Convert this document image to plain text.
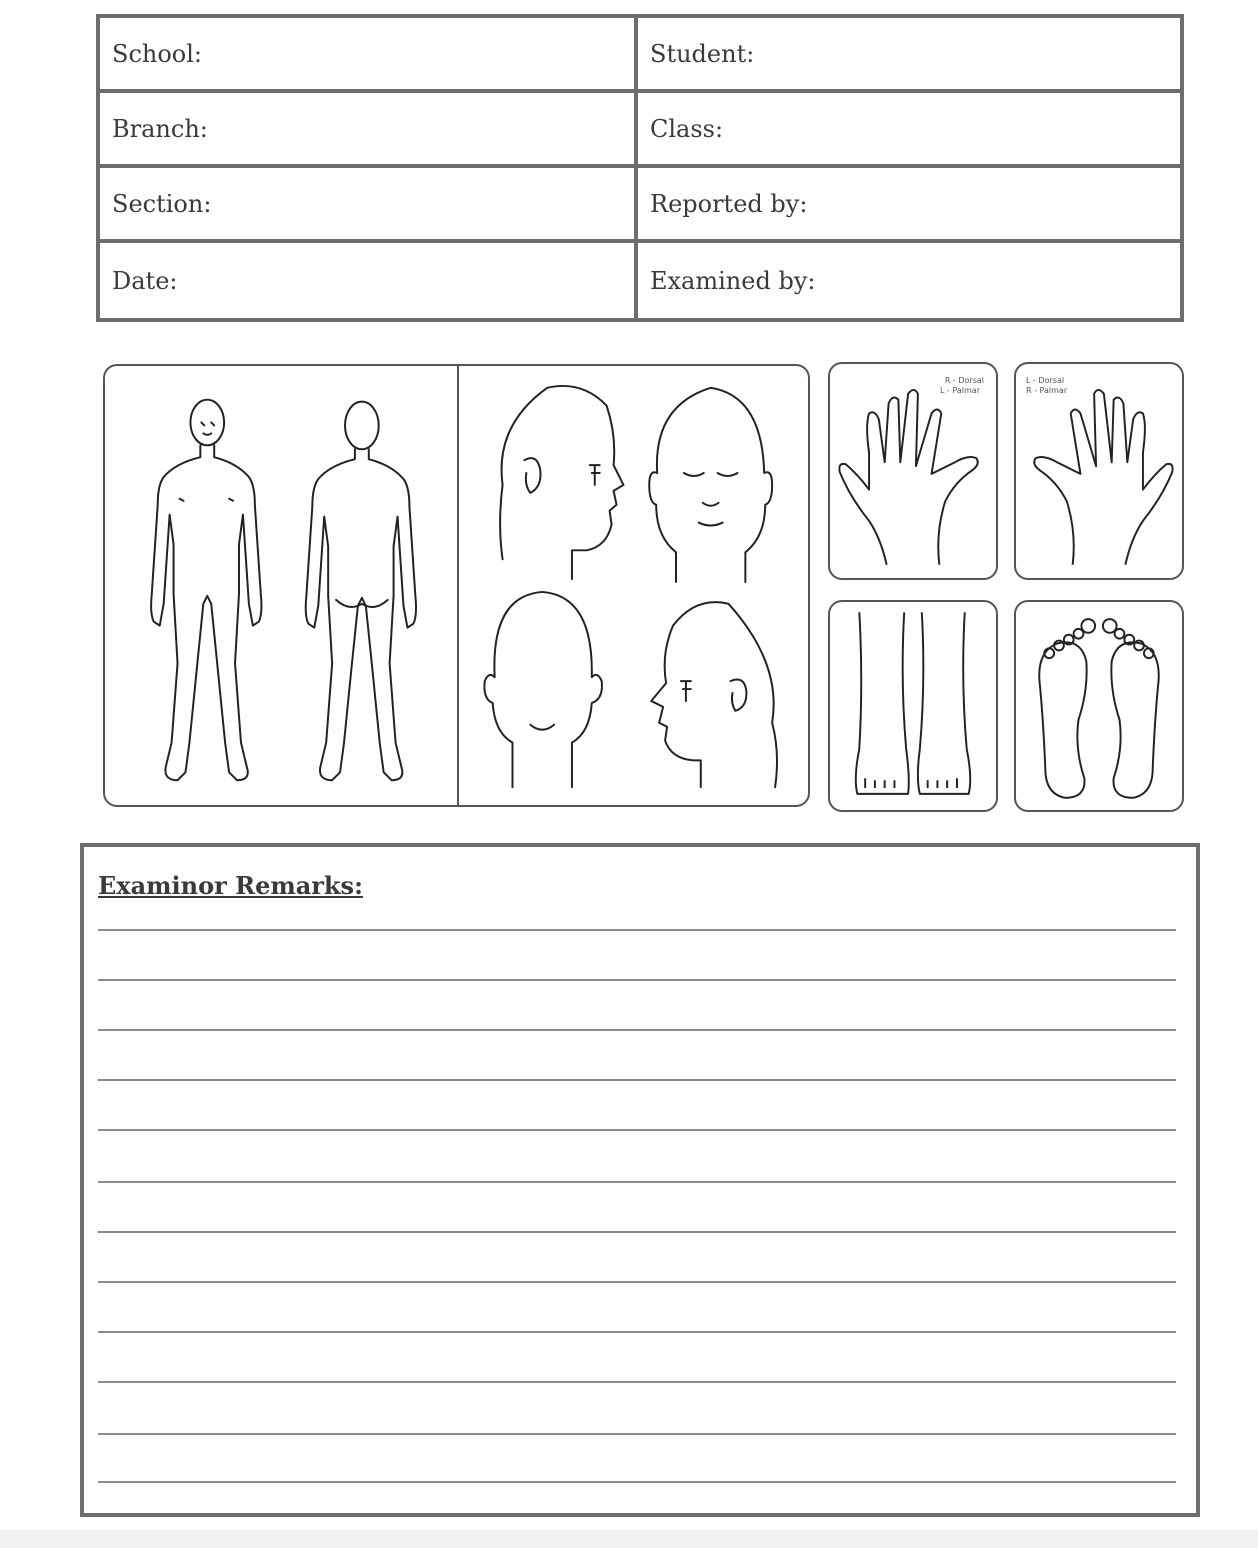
School:	Student:
Branch:	Class:
Section:	Reported by:
Date:	Examined by:
R - Dorsal
L - Palmar
L - Dorsal
R - Palmar
Examinor Remarks:
